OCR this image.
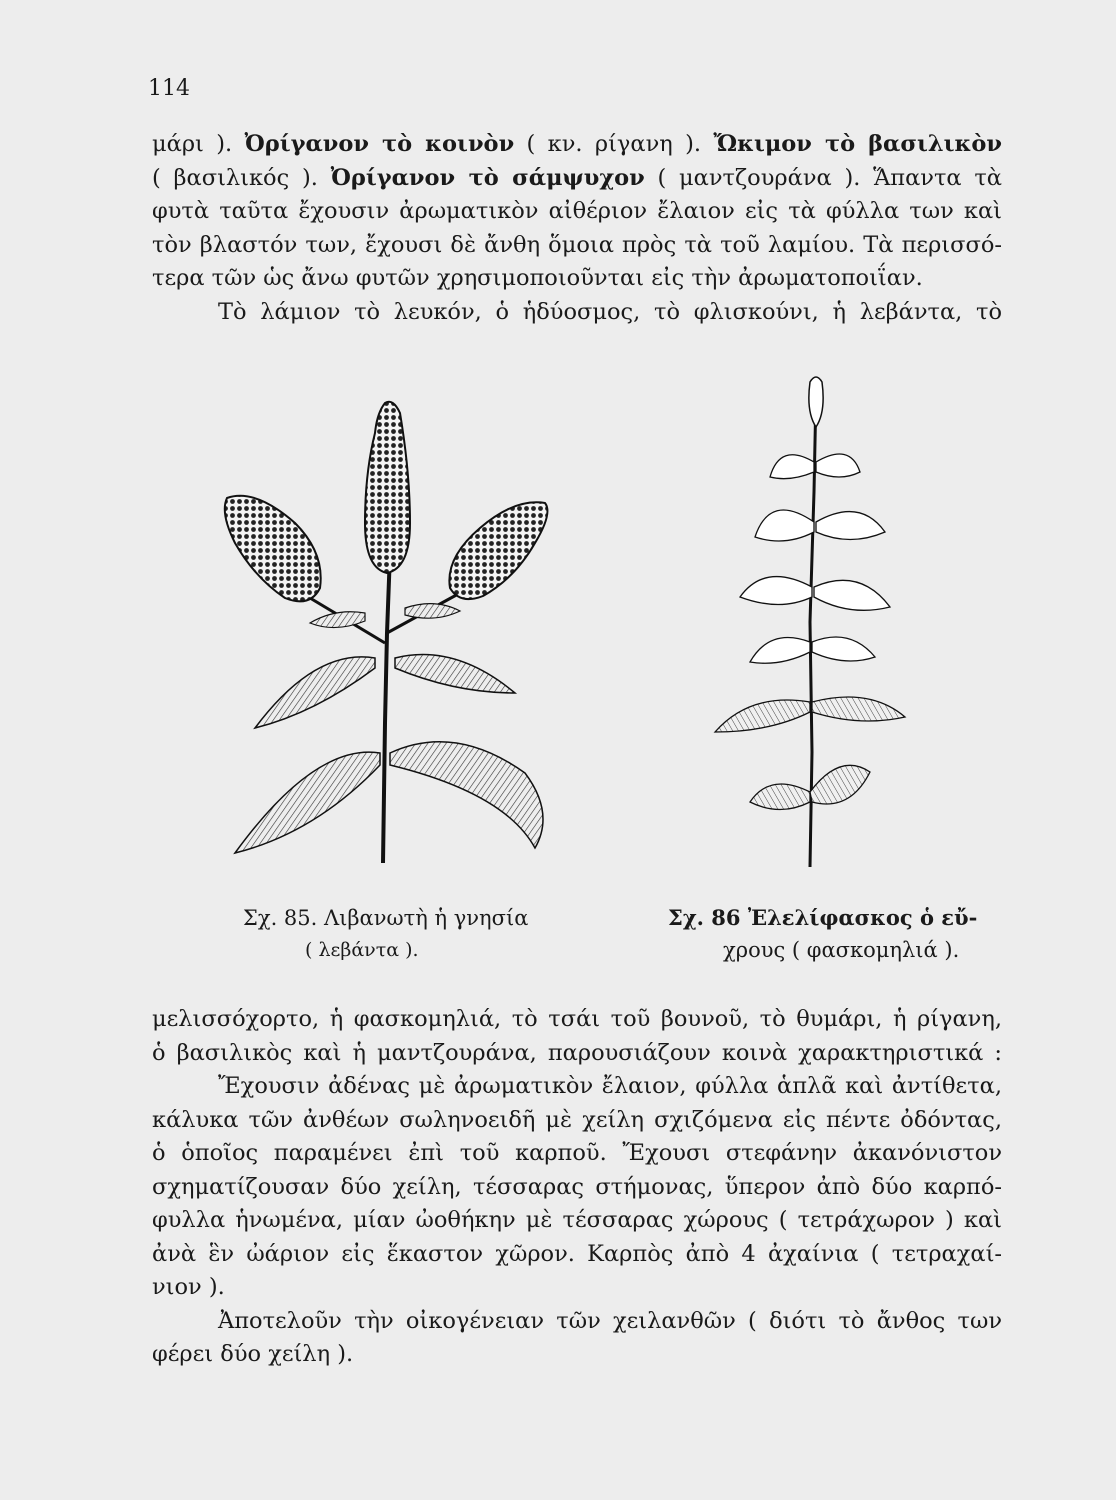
114
μάρι ). Ὀρίγανον τὸ κοινὸν ( κν. ρίγανη ). Ὤκιμον τὸ βασιλικὸν
( βασιλικός ). Ὀρίγανον τὸ σάμψυχον ( μαντζουράνα ). Ἅπαντα τὰ
φυτὰ ταῦτα ἔχουσιν ἀρωματικὸν αἰθέριον ἔλαιον εἰς τὰ φύλλα των καὶ
τὸν βλαστόν των, ἔχουσι δὲ ἄνθη ὅμοια πρὸς τὰ τοῦ λαμίου. Τὰ περισσό-
τερα τῶν ὡς ἄνω φυτῶν χρησιμοποιοῦνται εἰς τὴν ἀρωματοποιΐαν.
Τὸ λάμιον τὸ λευκόν, ὁ ἡδύοσμος, τὸ φλισκούνι, ἡ λεβάντα, τὸ
Σχ. 85. Λιβανωτὴ ἡ γνησία
( λεβάντα ).
Σχ. 86 Ἐλελίφασκος ὁ εὔ-
χρους ( φασκομηλιά ).
μελισσόχορτο, ἡ φασκομηλιά, τὸ τσάι τοῦ βουνοῦ, τὸ θυμάρι, ἡ ρίγανη,
ὁ βασιλικὸς καὶ ἡ μαντζουράνα, παρουσιάζουν κοινὰ χαρακτηριστικά :
Ἔχουσιν ἀδένας μὲ ἀρωματικὸν ἔλαιον, φύλλα ἁπλᾶ καὶ ἀντίθετα,
κάλυκα τῶν ἀνθέων σωληνοειδῆ μὲ χείλη σχιζόμενα εἰς πέντε ὀδόντας,
ὁ ὁποῖος παραμένει ἐπὶ τοῦ καρποῦ. Ἔχουσι στεφάνην ἀκανόνιστον
σχηματίζουσαν δύο χείλη, τέσσαρας στήμονας, ὕπερον ἀπὸ δύο καρπό-
φυλλα ἡνωμένα, μίαν ὠοθήκην μὲ τέσσαρας χώρους ( τετράχωρον ) καὶ
ἀνὰ ἓν ὠάριον εἰς ἕκαστον χῶρον. Καρπὸς ἀπὸ 4 ἀχαίνια ( τετραχαί-
νιον ).
Ἀποτελοῦν τὴν οἰκογένειαν τῶν χειλανθῶν ( διότι τὸ ἄνθος των
φέρει δύο χείλη ).
